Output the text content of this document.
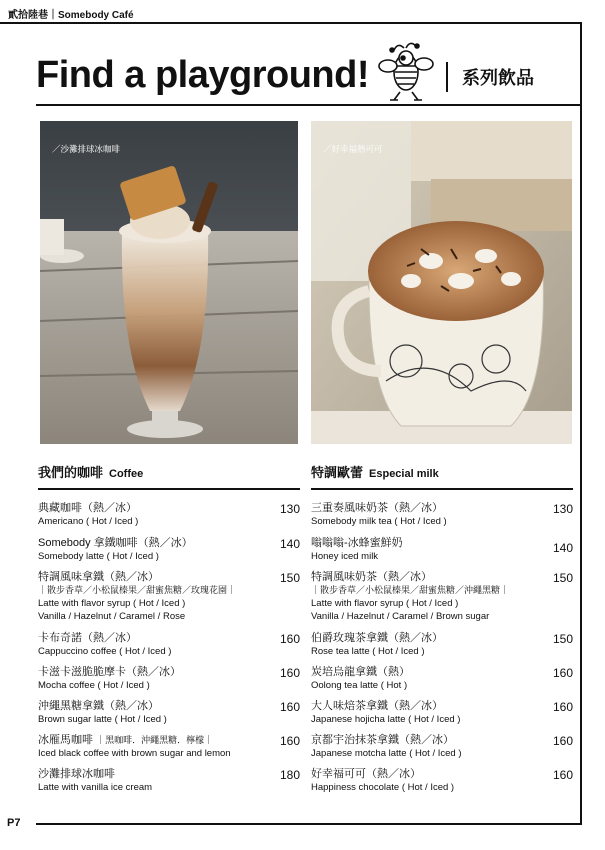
貳拾陸巷｜Somebody Café
P7
Find a playground!	系列飲品
／沙灘排球冰咖啡	／好幸福熱可可
我們的咖啡 Coffee
典藏咖啡（熱／冰）
Americano ( Hot / Iced )
130
Somebody 拿鐵咖啡（熱／冰）
Somebody latte ( Hot / Iced )
140
特調風味拿鐵（熱／冰）
｜散步香草／小松鼠榛果／甜蜜焦糖／玫瑰花園｜
Latte with flavor syrup ( Hot / Iced )
Vanilla / Hazelnut / Caramel / Rose
150
卡布奇諾（熱／冰）
Cappuccino coffee ( Hot / Iced )
160
卡滋卡滋脆脆摩卡（熱／冰）
Mocha coffee ( Hot / Iced )
160
沖繩黑糖拿鐵（熱／冰）
Brown sugar latte ( Hot / Iced )
160
冰雁馬咖啡 ｜黑咖啡．沖繩黑糖．檸檬｜
Iced black coffee with brown sugar and lemon
160
沙灘排球冰咖啡
Latte with vanilla ice cream
180
特調歐蕾 Especial milk
三重奏風味奶茶（熱／冰）
Somebody milk tea ( Hot / Iced )
130
嗡嗡嗡-冰蜂蜜鮮奶
Honey iced milk
140
特調風味奶茶（熱／冰）
｜散步香草／小松鼠榛果／甜蜜焦糖／沖繩黑糖｜
Latte with flavor syrup ( Hot / Iced )
Vanilla / Hazelnut / Caramel / Brown sugar
150
伯爵玫瑰茶拿鐵（熱／冰）
Rose tea latte ( Hot / Iced )
150
炭培烏龍拿鐵（熱）
Oolong tea latte ( Hot )
160
大人味焙茶拿鐵（熱／冰）
Japanese hojicha latte ( Hot / Iced )
160
京都宇治抹茶拿鐵（熱／冰）
Japanese motcha latte ( Hot / Iced )
160
好幸福可可（熱／冰）
Happiness chocolate ( Hot / Iced )
160
